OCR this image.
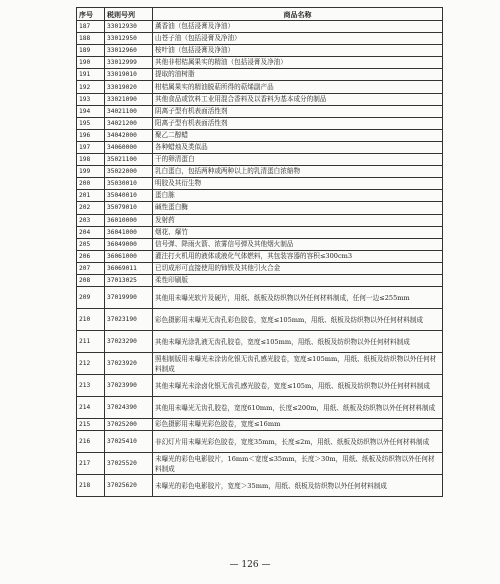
序号	税则号列	商品名称
187	33012930	薰香油（包括浸膏及净油）
188	33012950	山苍子油（包括浸膏及净油）
189	33012960	桉叶油（包括浸膏及净油）
190	33012999	其他非柑桔属果实的精油（包括浸膏及净油）
191	33019010	提取的油树脂
192	33019020	柑桔属果实的精油脱萜所得的萜烯副产品
193	33021090	其他食品或饮料工业用混合香料及以香料为基本成分的制品
194	34021100	阴离子型有机表面活性剂
195	34021200	阳离子型有机表面活性剂
196	34042000	聚乙二醇蜡
197	34060000	各种蜡烛及类似品
198	35021100	干的卵清蛋白
199	35022000	乳白蛋白，包括两种或两种以上的乳清蛋白浓缩物
200	35030010	明胶及其衍生物
201	35040010	蛋白胨
202	35079010	碱性蛋白酶
203	36010000	发射药
204	36041000	烟花、爆竹
205	36049000	信号弹、降雨火箭、浓雾信号弹及其他烟火制品
206	36061000	灌注打火机用的液体或液化气体燃料，其包装容器的容积≤300cm3
207	36069011	已切成形可直接使用的铈铁及其他引火合金
208	37013025	柔性印刷版
209	37019990	其他用未曝光软片及硬片，用纸、纸板及纺织物以外任何材料制成，任何一边≤255mm
210	37023190	彩色摄影用未曝光无齿孔彩色胶卷，宽度≤105mm，用纸、纸板及纺织物以外任何材料制成
211	37023290	其他未曝光涂乳液无齿孔胶卷，宽度≤105mm，用纸、纸板及纺织物以外任何材料制成
212	37023920	照相制版用未曝光未涂齿化银无齿孔感光胶卷，宽度≤105mm，用纸、纸板及纺织物以外任何材料制成
213	37023990	其他未曝光未涂卤化银无齿孔感光胶卷，宽度≤105m，用纸、纸板及纺织物以外任何材料制成
214	37024390	其他用未曝光无齿孔胶卷，宽度610mm，长度≤200m，用纸、纸板及纺织物以外任何材料制成
215	37025200	彩色摄影用未曝光彩色胶卷，宽度≤16mm
216	37025410	非幻灯片用未曝光彩色胶卷，宽度35mm，长度≤2m，用纸、纸板及纺织物以外任何材料制成
217	37025520	未曝光的彩色电影胶片，16mm＜宽度≤35mm，长度＞30m，用纸、纸板及纺织物以外任何材料制成
218	37025620	未曝光的彩色电影胶片，宽度＞35mm，用纸、纸板及纺织物以外任何材料制成
— 126 —
